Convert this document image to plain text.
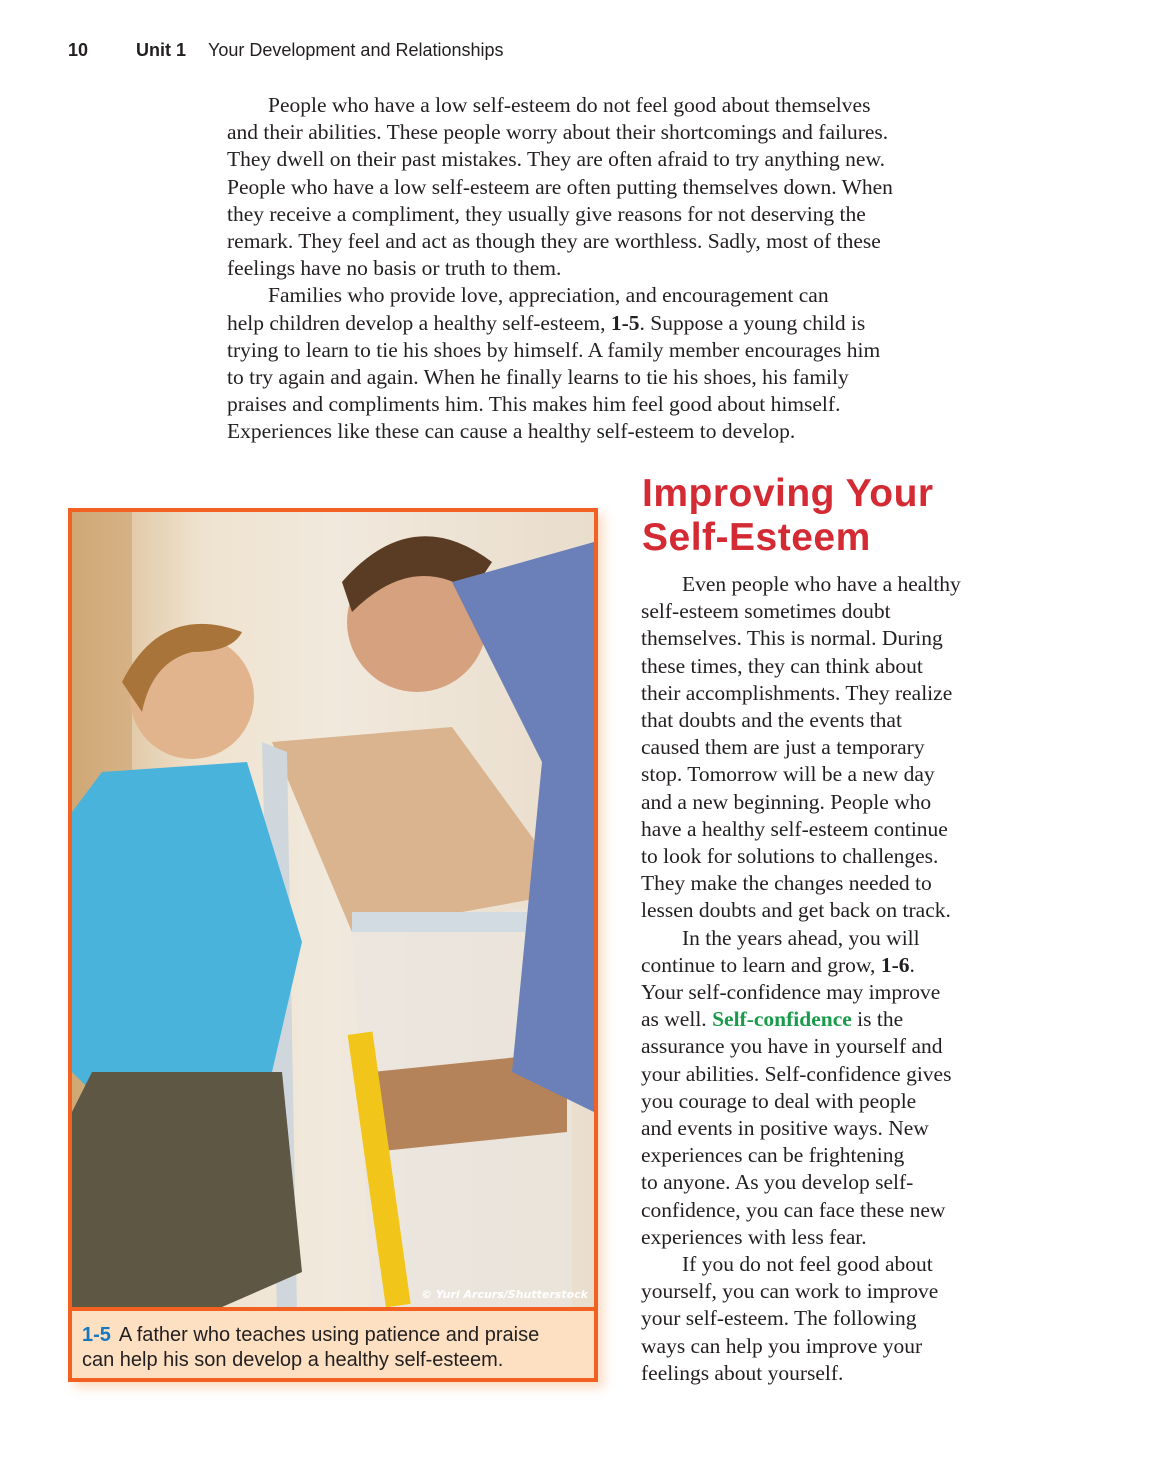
10	Unit 1 Your Development and Relationships
People who have a low self-esteem do not feel good about themselves
and their abilities. These people worry about their shortcomings and failures.
They dwell on their past mistakes. They are often afraid to try anything new.
People who have a low self-esteem are often putting themselves down. When
they receive a compliment, they usually give reasons for not deserving the
remark. They feel and act as though they are worthless. Sadly, most of these
feelings have no basis or truth to them.
Families who provide love, appreciation, and encouragement can
help children develop a healthy self-esteem, 1-5. Suppose a young child is
trying to learn to tie his shoes by himself. A family member encourages him
to try again and again. When he finally learns to tie his shoes, his family
praises and compliments him. This makes him feel good about himself.
Experiences like these can cause a healthy self-esteem to develop.
Improving Your
Self-Esteem
Even people who have a healthy
self-esteem sometimes doubt
themselves. This is normal. During
these times, they can think about
their accomplishments. They realize
that doubts and the events that
caused them are just a temporary
stop. Tomorrow will be a new day
and a new beginning. People who
have a healthy self-esteem continue
to look for solutions to challenges.
They make the changes needed to
lessen doubts and get back on track.
In the years ahead, you will
continue to learn and grow, 1-6.
Your self-confidence may improve
as well. Self-confidence is the
assurance you have in yourself and
your abilities. Self-confidence gives
you courage to deal with people
and events in positive ways. New
experiences can be frightening
to anyone. As you develop self-
confidence, you can face these new
experiences with less fear.
If you do not feel good about
yourself, you can work to improve
your self-esteem. The following
ways can help you improve your
feelings about yourself.
© Yuri Arcurs/Shutterstock
1-5 A father who teaches using patience and praise
can help his son develop a healthy self-esteem.
